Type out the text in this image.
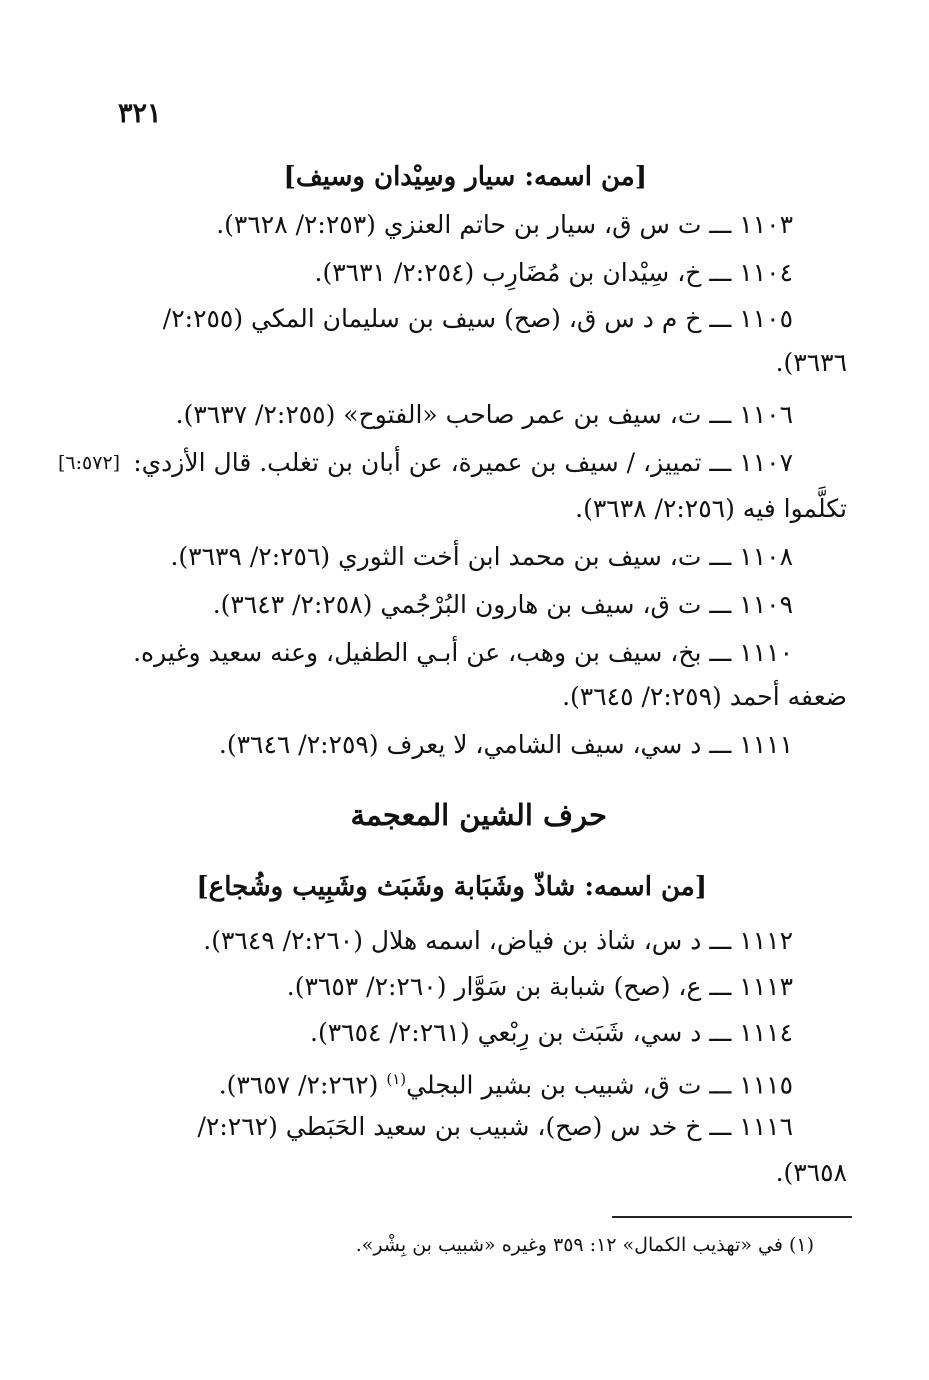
٣٢١
[من اسمه: سيار وسِيْدان وسيف]
١١٠٣ ـــ ت س ق، سيار بن حاتم العنزي (٢:٢٥٣/ ٣٦٢٨).
١١٠٤ ـــ خ، سِيْدان بن مُضَارِب (٢:٢٥٤/ ٣٦٣١).
١١٠٥ ـــ خ م د س ق، (صح) سيف بن سليمان المكي (٢:٢٥٥/
٣٦٣٦).
١١٠٦ ـــ ت، سيف بن عمر صاحب «الفتوح» (٢:٢٥٥/ ٣٦٣٧).
١١٠٧ ـــ تمييز، / سيف بن عميرة، عن أبان بن تغلب. قال الأزدي:
[٦:٥٧٢]
تكلَّموا فيه (٢:٢٥٦/ ٣٦٣٨).
١١٠٨ ـــ ت، سيف بن محمد ابن أخت الثوري (٢:٢٥٦/ ٣٦٣٩).
١١٠٩ ـــ ت ق، سيف بن هارون البُرْجُمي (٢:٢٥٨/ ٣٦٤٣).
١١١٠ ـــ بخ، سيف بن وهب، عن أبـي الطفيل، وعنه سعيد وغيره.
ضعفه أحمد (٢:٢٥٩/ ٣٦٤٥).
١١١١ ـــ د سي، سيف الشامي، لا يعرف (٢:٢٥٩/ ٣٦٤٦).
حرف الشين المعجمة
[من اسمه: شاذّ وشَبَابة وشَبَث وشَبِيب وشُجاع]
١١١٢ ـــ د س، شاذ بن فياض، اسمه هلال (٢:٢٦٠/ ٣٦٤٩).
١١١٣ ـــ ع، (صح) شبابة بن سَوَّار (٢:٢٦٠/ ٣٦٥٣).
١١١٤ ـــ د سي، شَبَث بن رِبْعي (٢:٢٦١/ ٣٦٥٤).
١١١٥ ـــ ت ق، شبيب بن بشير البجلي$^{(١)}$ (٢:٢٦٢/ ٣٦٥٧).
١١١٦ ـــ خ خد س (صح)، شبيب بن سعيد الحَبَطي (٢:٢٦٢/
٣٦٥٨).
(١) في «تهذيب الكمال» ١٢: ٣٥٩ وغيره «شبيب بن بِشْر».
